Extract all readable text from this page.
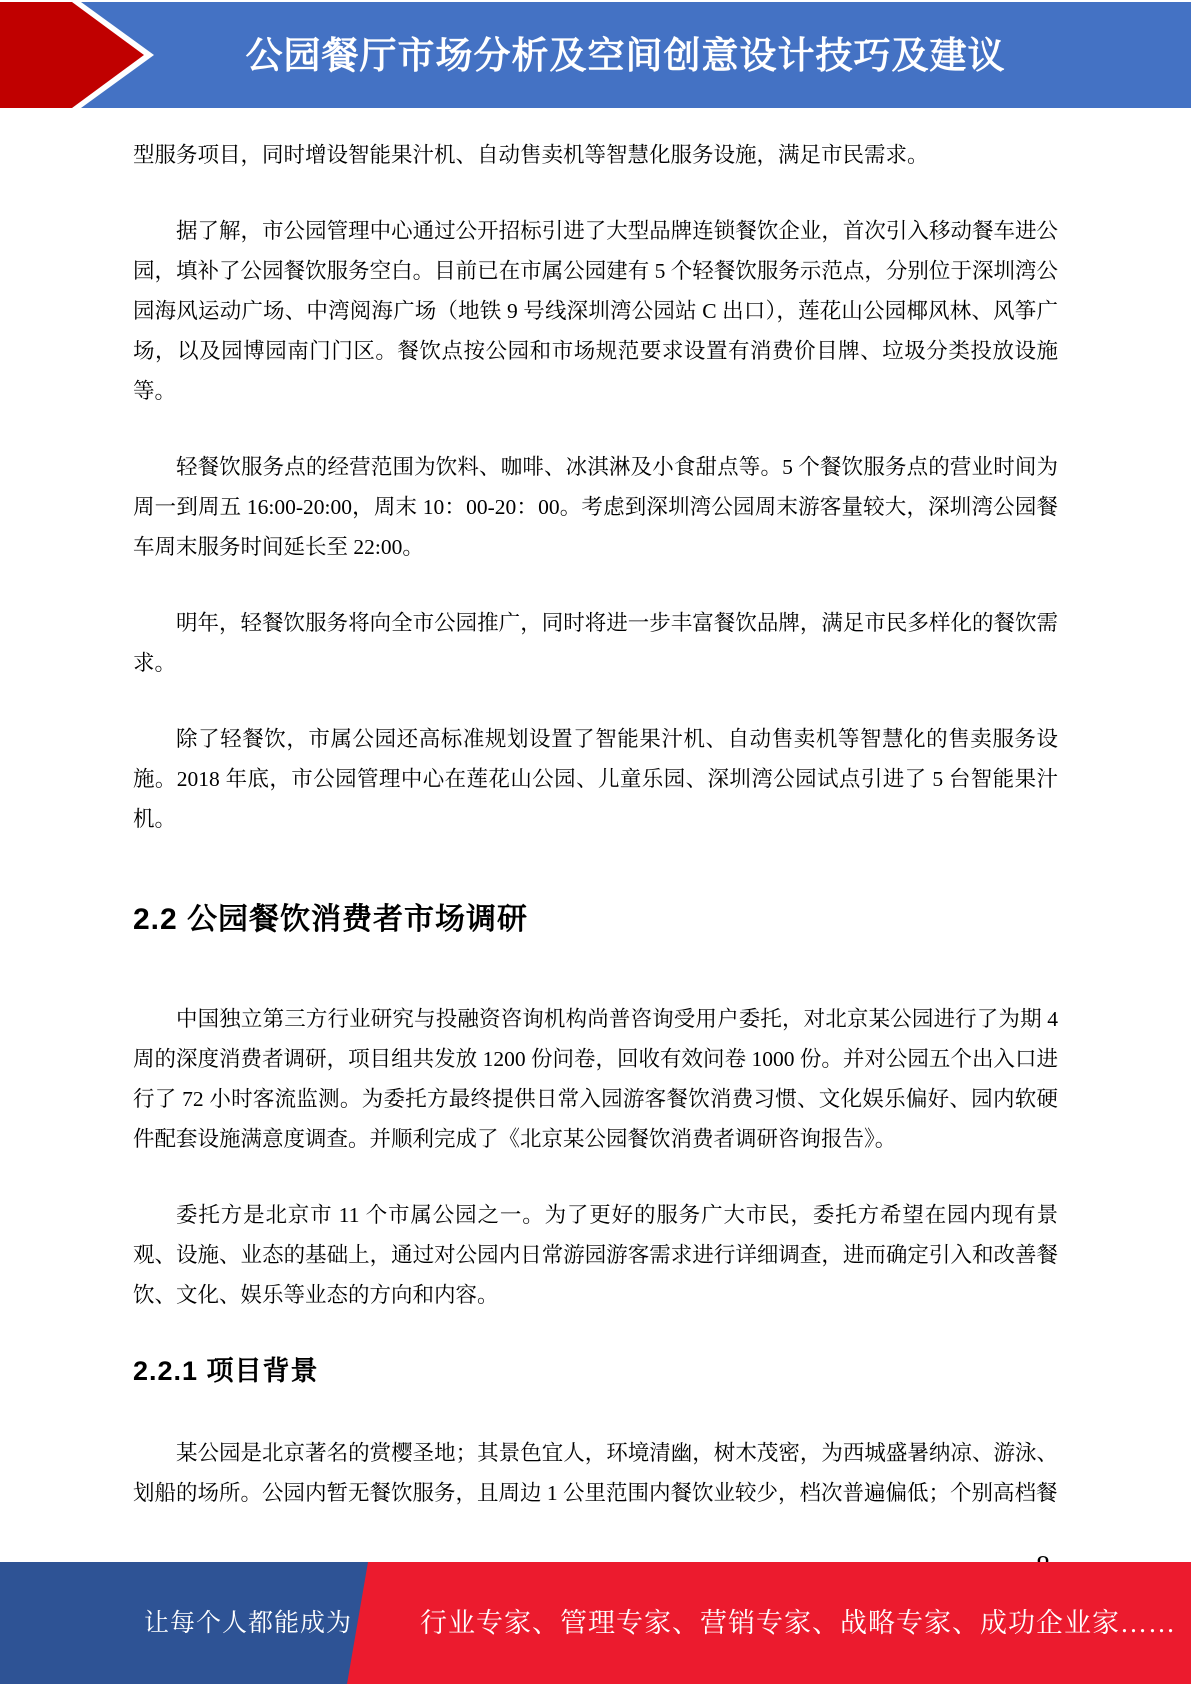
公园餐厅市场分析及空间创意设计技巧及建议

型服务项目，同时增设智能果汁机、自动售卖机等智慧化服务设施，满足市民需求。

据了解，市公园管理中心通过公开招标引进了大型品牌连锁餐饮企业，首次引入移动餐车进公园，填补了公园餐饮服务空白。目前已在市属公园建有 5 个轻餐饮服务示范点，分别位于深圳湾公园海风运动广场、中湾阅海广场（地铁 9 号线深圳湾公园站 C 出口），莲花山公园椰风林、风筝广场，以及园博园南门门区。餐饮点按公园和市场规范要求设置有消费价目牌、垃圾分类投放设施等。

轻餐饮服务点的经营范围为饮料、咖啡、冰淇淋及小食甜点等。5 个餐饮服务点的营业时间为周一到周五 16:00-20:00，周末 10：00-20：00。考虑到深圳湾公园周末游客量较大，深圳湾公园餐车周末服务时间延长至 22:00。

明年，轻餐饮服务将向全市公园推广，同时将进一步丰富餐饮品牌，满足市民多样化的餐饮需求。

除了轻餐饮，市属公园还高标准规划设置了智能果汁机、自动售卖机等智慧化的售卖服务设施。2018 年底，市公园管理中心在莲花山公园、儿童乐园、深圳湾公园试点引进了 5 台智能果汁机。

2.2 公园餐饮消费者市场调研

中国独立第三方行业研究与投融资咨询机构尚普咨询受用户委托，对北京某公园进行了为期 4 周的深度消费者调研，项目组共发放 1200 份问卷，回收有效问卷 1000 份。并对公园五个出入口进行了 72 小时客流监测。为委托方最终提供日常入园游客餐饮消费习惯、文化娱乐偏好、园内软硬件配套设施满意度调查。并顺利完成了《北京某公园餐饮消费者调研咨询报告》。

委托方是北京市 11 个市属公园之一。为了更好的服务广大市民，委托方希望在园内现有景观、设施、业态的基础上，通过对公园内日常游园游客需求进行详细调查，进而确定引入和改善餐饮、文化、娱乐等业态的方向和内容。

2.2.1 项目背景

某公园是北京著名的赏樱圣地；其景色宜人，环境清幽，树木茂密，为西城盛暑纳凉、游泳、划船的场所。公园内暂无餐饮服务，且周边 1 公里范围内餐饮业较少，档次普遍偏低；个别高档餐

让每个人都能成为	行业专家、管理专家、营销专家、战略专家、成功企业家……
